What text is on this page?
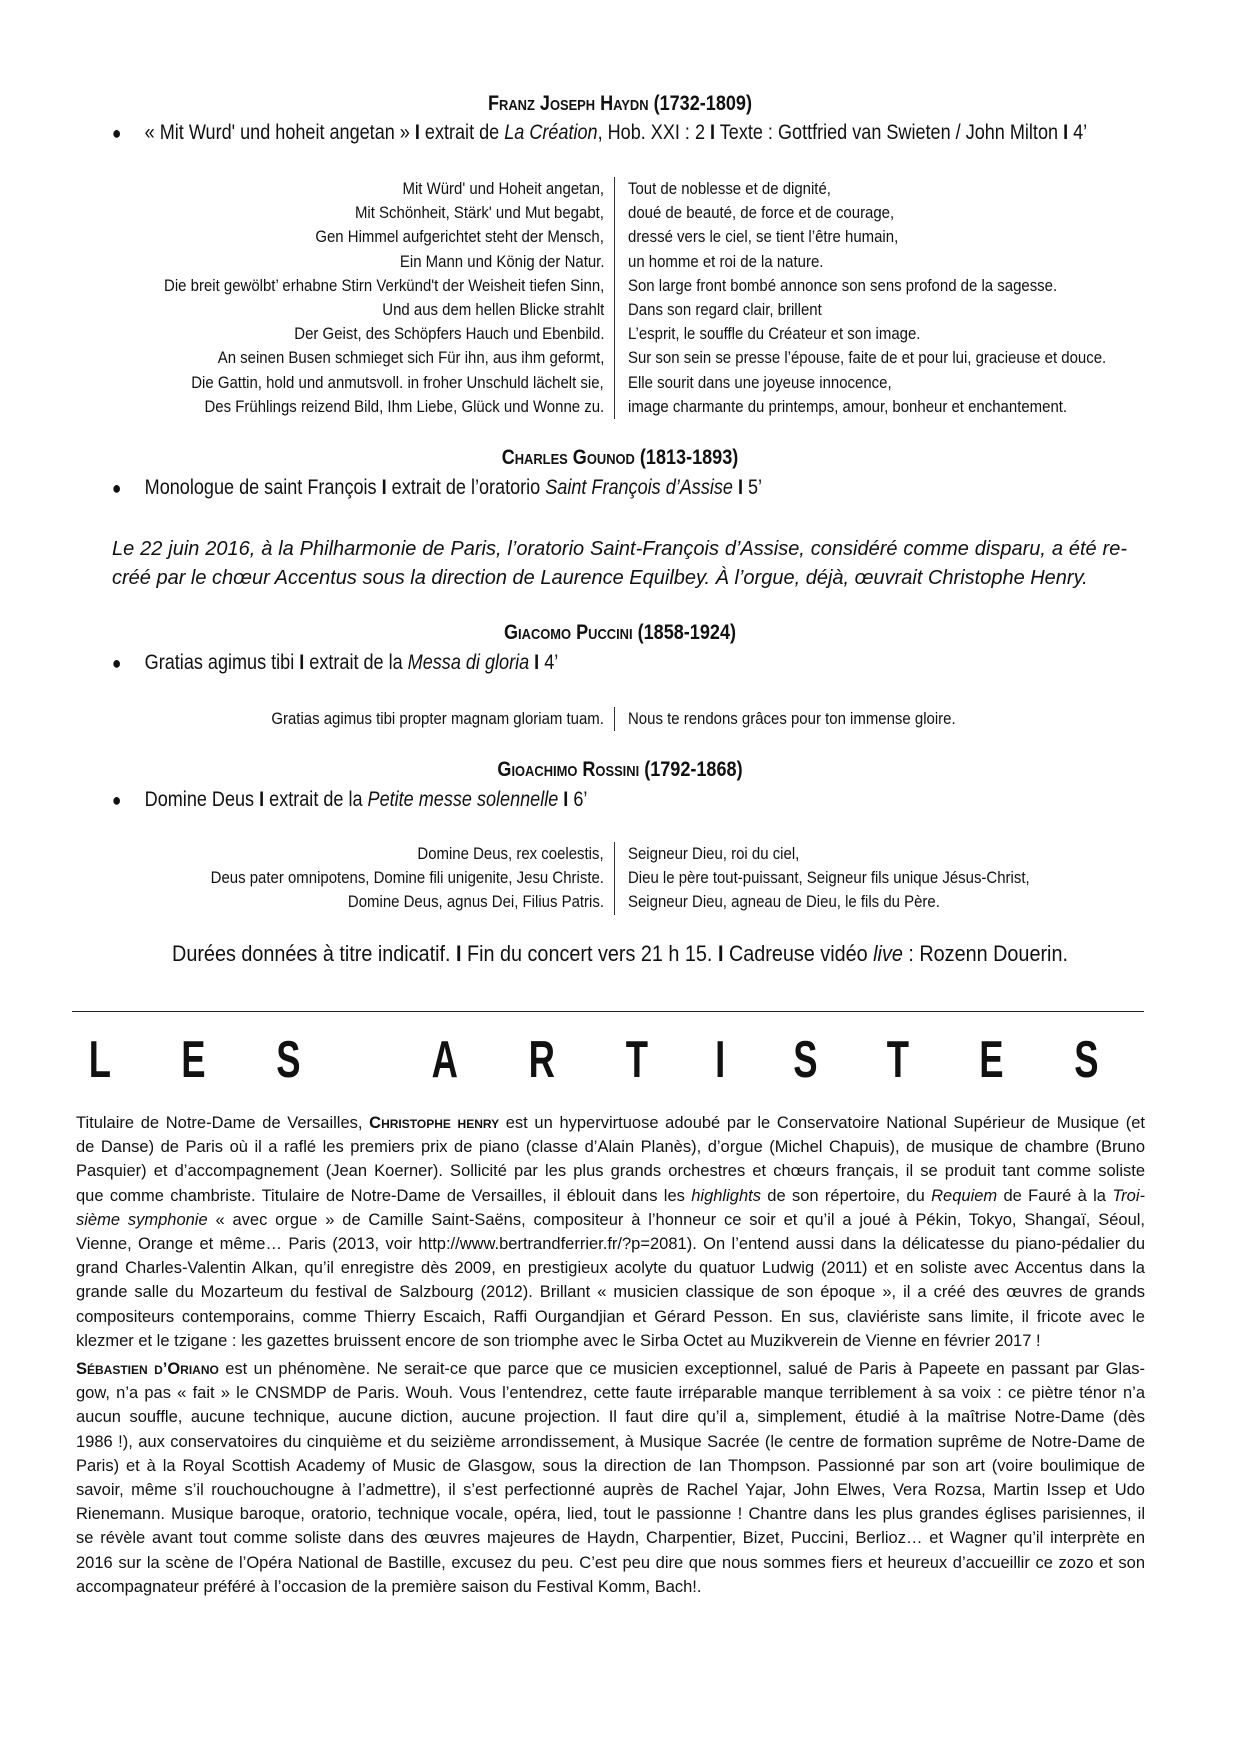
Franz Joseph Haydn (1732-1809)
● « Mit Wurd' und hoheit angetan » I extrait de La Création, Hob. XXI : 2 I Texte : Gottfried van Swieten / John Milton I 4’
Mit Würd' und Hoheit angetan, Tout de noblesse et de dignité,
Mit Schönheit, Stärk' und Mut begabt, doué de beauté, de force et de courage,
Gen Himmel aufgerichtet steht der Mensch, dressé vers le ciel, se tient l’être humain,
Ein Mann und König der Natur. un homme et roi de la nature.
Die breit gewölbt’ erhabne Stirn Verkünd't der Weisheit tiefen Sinn, Son large front bombé annonce son sens profond de la sagesse.
Und aus dem hellen Blicke strahlt Dans son regard clair, brillent
Der Geist, des Schöpfers Hauch und Ebenbild. L’esprit, le souffle du Créateur et son image.
An seinen Busen schmieget sich Für ihn, aus ihm geformt, Sur son sein se presse l’épouse, faite de et pour lui, gracieuse et douce.
Die Gattin, hold und anmutsvoll. in froher Unschuld lächelt sie, Elle sourit dans une joyeuse innocence,
Des Frühlings reizend Bild, Ihm Liebe, Glück und Wonne zu. image charmante du printemps, amour, bonheur et enchantement.
Charles Gounod (1813-1893)
● Monologue de saint François I extrait de l’oratorio Saint François d’Assise I 5’
Le 22 juin 2016, à la Philharmonie de Paris, l’oratorio Saint-François d’Assise, considéré comme disparu, a été re-
créé par le chœur Accentus sous la direction de Laurence Equilbey. À l’orgue, déjà, œuvrait Christophe Henry.
Giacomo Puccini (1858-1924)
● Gratias agimus tibi I extrait de la Messa di gloria I 4’
Gratias agimus tibi propter magnam gloriam tuam. Nous te rendons grâces pour ton immense gloire.
Gioachimo Rossini (1792-1868)
● Domine Deus I extrait de la Petite messe solennelle I 6’
Domine Deus, rex coelestis, Seigneur Dieu, roi du ciel,
Deus pater omnipotens, Domine fili unigenite, Jesu Christe. Dieu le père tout-puissant, Seigneur fils unique Jésus-Christ,
Domine Deus, agnus Dei, Filius Patris. Seigneur Dieu, agneau de Dieu, le fils du Père.
Durées données à titre indicatif. I Fin du concert vers 21 h 15. I Cadreuse vidéo live : Rozenn Douerin.
L E S	A R T I S T E S
Titulaire de Notre-Dame de Versailles, Christophe henry est un hypervirtuose adoubé par le Conservatoire National Supérieur de Musique (et
de Danse) de Paris où il a raflé les premiers prix de piano (classe d’Alain Planès), d’orgue (Michel Chapuis), de musique de chambre (Bruno
Pasquier) et d’accompagnement (Jean Koerner). Sollicité par les plus grands orchestres et chœurs français, il se produit tant comme soliste
que comme chambriste. Titulaire de Notre-Dame de Versailles, il éblouit dans les highlights de son répertoire, du Requiem de Fauré à la Troi-
sième symphonie « avec orgue » de Camille Saint-Saëns, compositeur à l’honneur ce soir et qu’il a joué à Pékin, Tokyo, Shangaï, Séoul,
Vienne, Orange et même… Paris (2013, voir http://www.bertrandferrier.fr/?p=2081). On l’entend aussi dans la délicatesse du piano-pédalier du
grand Charles-Valentin Alkan, qu’il enregistre dès 2009, en prestigieux acolyte du quatuor Ludwig (2011) et en soliste avec Accentus dans la
grande salle du Mozarteum du festival de Salzbourg (2012). Brillant « musicien classique de son époque », il a créé des œuvres de grands
compositeurs contemporains, comme Thierry Escaich, Raffi Ourgandjian et Gérard Pesson. En sus, claviériste sans limite, il fricote avec le
klezmer et le tzigane : les gazettes bruissent encore de son triomphe avec le Sirba Octet au Muzikverein de Vienne en février 2017 !
Sébastien d’Oriano est un phénomène. Ne serait-ce que parce que ce musicien exceptionnel, salué de Paris à Papeete en passant par Glas-
gow, n’a pas « fait » le CNSMDP de Paris. Wouh. Vous l’entendrez, cette faute irréparable manque terriblement à sa voix : ce piètre ténor n’a
aucun souffle, aucune technique, aucune diction, aucune projection. Il faut dire qu’il a, simplement, étudié à la maîtrise Notre-Dame (dès
1986 !), aux conservatoires du cinquième et du seizième arrondissement, à Musique Sacrée (le centre de formation suprême de Notre-Dame de
Paris) et à la Royal Scottish Academy of Music de Glasgow, sous la direction de Ian Thompson. Passionné par son art (voire boulimique de
savoir, même s’il rouchouchougne à l’admettre), il s’est perfectionné auprès de Rachel Yajar, John Elwes, Vera Rozsa, Martin Issep et Udo
Rienemann. Musique baroque, oratorio, technique vocale, opéra, lied, tout le passionne ! Chantre dans les plus grandes églises parisiennes, il
se révèle avant tout comme soliste dans des œuvres majeures de Haydn, Charpentier, Bizet, Puccini, Berlioz… et Wagner qu’il interprète en
2016 sur la scène de l’Opéra National de Bastille, excusez du peu. C’est peu dire que nous sommes fiers et heureux d’accueillir ce zozo et son
accompagnateur préféré à l’occasion de la première saison du Festival Komm, Bach!.
